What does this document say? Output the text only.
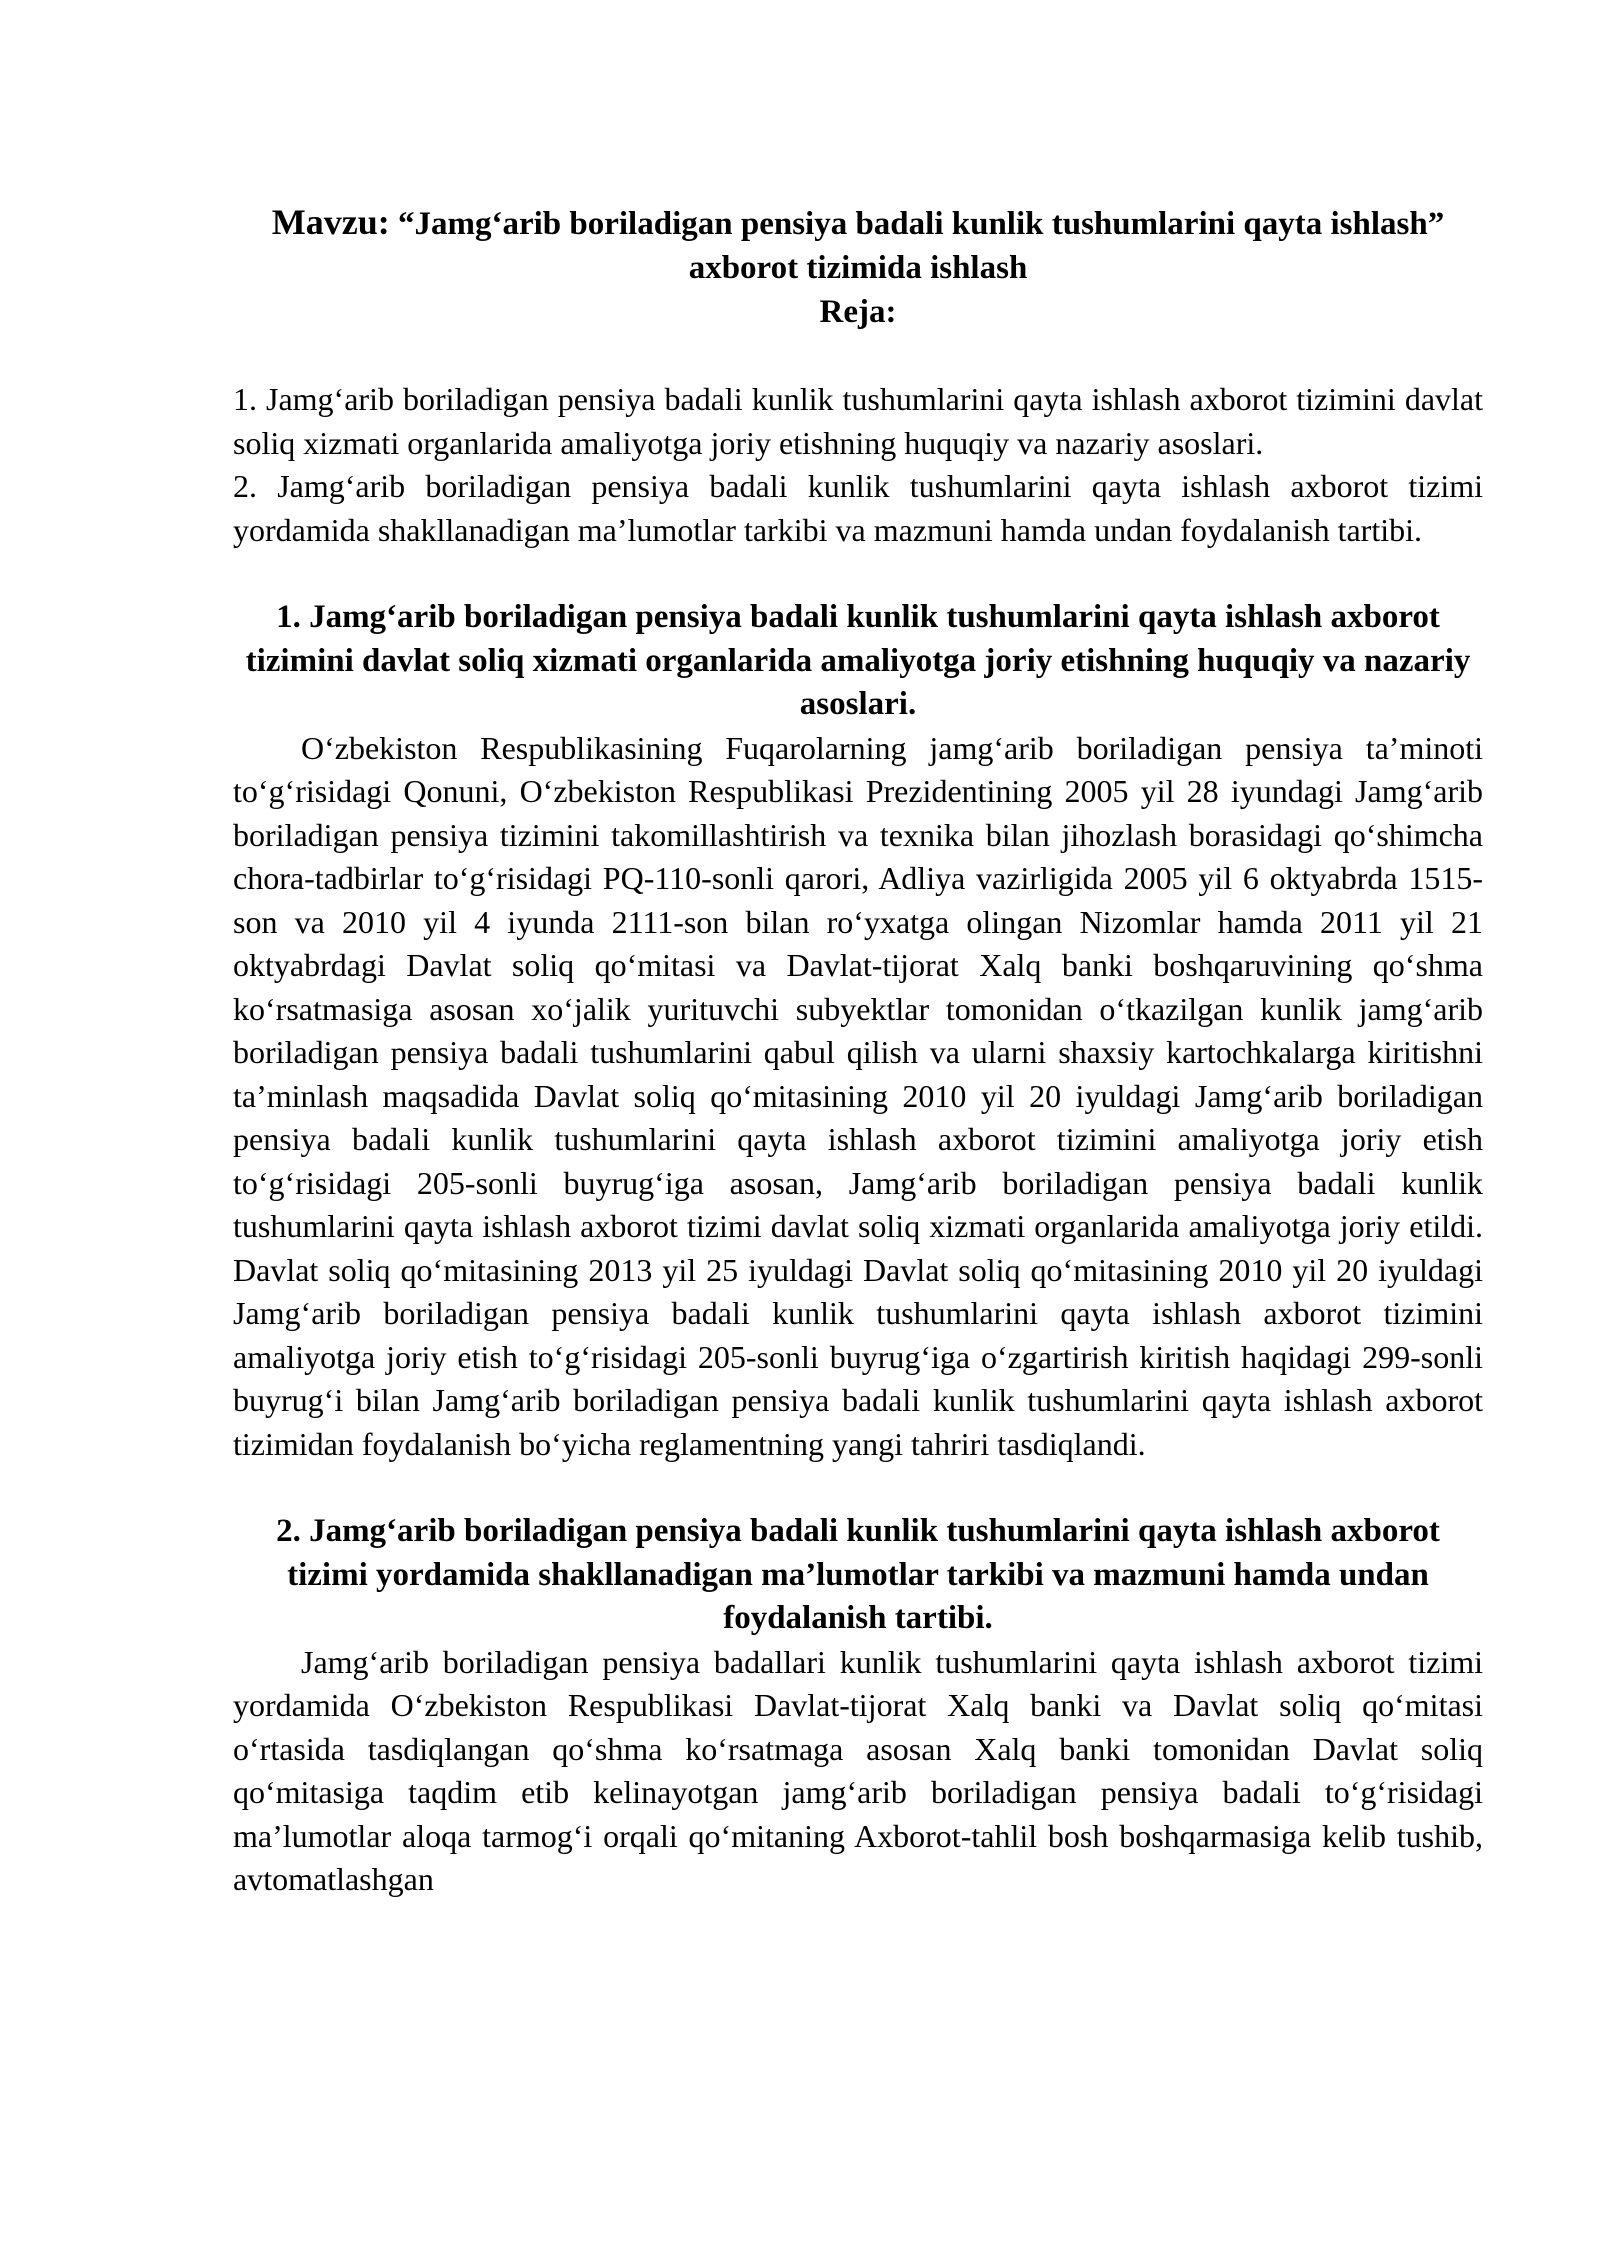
Mavzu: “Jamg‘arib boriladigan pensiya badali kunlik tushumlarini qayta ishlash” axborot tizimida ishlash

Reja:

1. Jamg‘arib boriladigan pensiya badali kunlik tushumlarini qayta ishlash axborot tizimini davlat soliq xizmati organlarida amaliyotga joriy etishning huquqiy va nazariy asoslari.

2. Jamg‘arib boriladigan pensiya badali kunlik tushumlarini qayta ishlash axborot tizimi yordamida shakllanadigan ma’lumotlar tarkibi va mazmuni hamda undan foydalanish tartibi.

1. Jamg‘arib boriladigan pensiya badali kunlik tushumlarini qayta ishlash axborot tizimini davlat soliq xizmati organlarida amaliyotga joriy etishning huquqiy va nazariy asoslari.

O‘zbekiston Respublikasining Fuqarolarning jamg‘arib boriladigan pensiya ta’minoti to‘g‘risidagi Qonuni, O‘zbekiston Respublikasi Prezidentining 2005 yil 28 iyundagi Jamg‘arib boriladigan pensiya tizimini takomillashtirish va texnika bilan jihozlash borasidagi qo‘shimcha chora-tadbirlar to‘g‘risidagi PQ-110-sonli qarori, Adliya vazirligida 2005 yil 6 oktyabrda 1515-son va 2010 yil 4 iyunda 2111-son bilan ro‘yxatga olingan Nizomlar hamda 2011 yil 21 oktyabrdagi Davlat soliq qo‘mitasi va Davlat-tijorat Xalq banki boshqaruvining qo‘shma ko‘rsatmasiga asosan xo‘jalik yurituvchi subyektlar tomonidan o‘tkazilgan kunlik jamg‘arib boriladigan pensiya badali tushumlarini qabul qilish va ularni shaxsiy kartochkalarga kiritishni ta’minlash maqsadida Davlat soliq qo‘mitasining 2010 yil 20 iyuldagi Jamg‘arib boriladigan pensiya badali kunlik tushumlarini qayta ishlash axborot tizimini amaliyotga joriy etish to‘g‘risidagi 205-sonli buyrug‘iga asosan, Jamg‘arib boriladigan pensiya badali kunlik tushumlarini qayta ishlash axborot tizimi davlat soliq xizmati organlarida amaliyotga joriy etildi. Davlat soliq qo‘mitasining 2013 yil 25 iyuldagi Davlat soliq qo‘mitasining 2010 yil 20 iyuldagi Jamg‘arib boriladigan pensiya badali kunlik tushumlarini qayta ishlash axborot tizimini amaliyotga joriy etish to‘g‘risidagi 205-sonli buyrug‘iga o‘zgartirish kiritish haqidagi 299-sonli buyrug‘i bilan Jamg‘arib boriladigan pensiya badali kunlik tushumlarini qayta ishlash axborot tizimidan foydalanish bo‘yicha reglamentning yangi tahriri tasdiqlandi.

2. Jamg‘arib boriladigan pensiya badali kunlik tushumlarini qayta ishlash axborot tizimi yordamida shakllanadigan ma’lumotlar tarkibi va mazmuni hamda undan foydalanish tartibi.

Jamg‘arib boriladigan pensiya badallari kunlik tushumlarini qayta ishlash axborot tizimi yordamida O‘zbekiston Respublikasi Davlat-tijorat Xalq banki va Davlat soliq qo‘mitasi o‘rtasida tasdiqlangan qo‘shma ko‘rsatmaga asosan Xalq banki tomonidan Davlat soliq qo‘mitasiga taqdim etib kelinayotgan jamg‘arib boriladigan pensiya badali to‘g‘risidagi ma’lumotlar aloqa tarmog‘i orqali qo‘mitaning Axborot-tahlil bosh boshqarmasiga kelib tushib, avtomatlashgan
